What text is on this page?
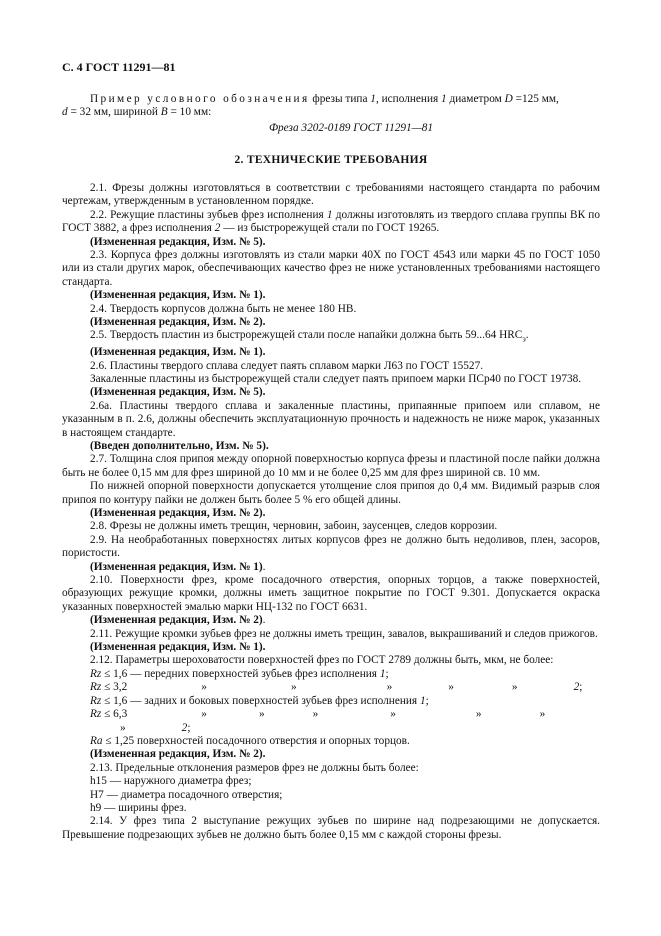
С. 4 ГОСТ 11291—81

Пример условного обозначения фрезы типа 1, исполнения 1 диаметром D =125 мм,
d = 32 мм, шириной B = 10 мм:

Фреза 3202-0189 ГОСТ 11291—81

2. ТЕХНИЧЕСКИЕ ТРЕБОВАНИЯ

2.1. Фрезы должны изготовляться в соответствии с требованиями настоящего стандарта по рабочим чертежам, утвержденным в установленном порядке.

2.2. Режущие пластины зубьев фрез исполнения 1 должны изготовлять из твердого сплава группы ВК по ГОСТ 3882, а фрез исполнения 2 — из быстрорежущей стали по ГОСТ 19265.

(Измененная редакция, Изм. № 5).

2.3. Корпуса фрез должны изготовлять из стали марки 40Х по ГОСТ 4543 или марки 45 по ГОСТ 1050 или из стали других марок, обеспечивающих качество фрез не ниже установленных требованиями настоящего стандарта.

(Измененная редакция, Изм. № 1).

2.4. Твердость корпусов должна быть не менее 180 НВ.

(Измененная редакция, Изм. № 2).

2.5. Твердость пластин из быстрорежущей стали после напайки должна быть 59...64 $HRC_э$.

(Измененная редакция, Изм. № 1).

2.6. Пластины твердого сплава следует паять сплавом марки Л63 по ГОСТ 15527.

Закаленные пластины из быстрорежущей стали следует паять припоем марки ПСр40 по ГОСТ 19738.

(Измененная редакция, Изм. № 5).

2.6а. Пластины твердого сплава и закаленные пластины, припаянные припоем или сплавом, не указанным в п. 2.6, должны обеспечить эксплуатационную прочность и надежность не ниже марок, указанных в настоящем стандарте.

(Введен дополнительно, Изм. № 5).

2.7. Толщина слоя припоя между опорной поверхностью корпуса фрезы и пластиной после пайки должна быть не более 0,15 мм для фрез шириной до 10 мм и не более 0,25 мм для фрез шириной св. 10 мм.

По нижней опорной поверхности допускается утолщение слоя припоя до 0,4 мм. Видимый разрыв слоя припоя по контуру пайки не должен быть более 5 % его общей длины.

(Измененная редакция, Изм. № 2).

2.8. Фрезы не должны иметь трещин, черновин, забоин, заусенцев, следов коррозии.

2.9. На необработанных поверхностях литых корпусов фрез не должно быть недоливов, плен, засоров, пористости.

(Измененная редакция, Изм. № 1).

2.10. Поверхности фрез, кроме посадочного отверстия, опорных торцов, а также поверхностей, образующих режущие кромки, должны иметь защитное покрытие по ГОСТ 9.301. Допускается окраска указанных поверхностей эмалью марки НЦ-132 по ГОСТ 6631.

(Измененная редакция, Изм. № 2).

2.11. Режущие кромки зубьев фрез не должны иметь трещин, завалов, выкрашиваний и следов прижогов.

(Измененная редакция, Изм. № 1).

2.12. Параметры шероховатости поверхностей фрез по ГОСТ 2789 должны быть, мкм, не более:

Rz ≤ 1,6 — передних поверхностей зубьев фрез исполнения 1;

Rz ≤ 3,2	»	»	»	»	»	2;

Rz ≤ 1,6 — задних и боковых поверхностей зубьев фрез исполнения 1;

Rz ≤ 6,3	»	»	»	»	»	»»	2;

Ra ≤ 1,25 поверхностей посадочного отверстия и опорных торцов.

(Измененная редакция, Изм. № 2).

2.13. Предельные отклонения размеров фрез не должны быть более:

h15 — наружного диаметра фрез;

H7 — диаметра посадочного отверстия;

h9 — ширины фрез.

2.14. У фрез типа 2 выступание режущих зубьев по ширине над подрезающими не допускается. Превышение подрезающих зубьев не должно быть более 0,15 мм с каждой стороны фрезы.
